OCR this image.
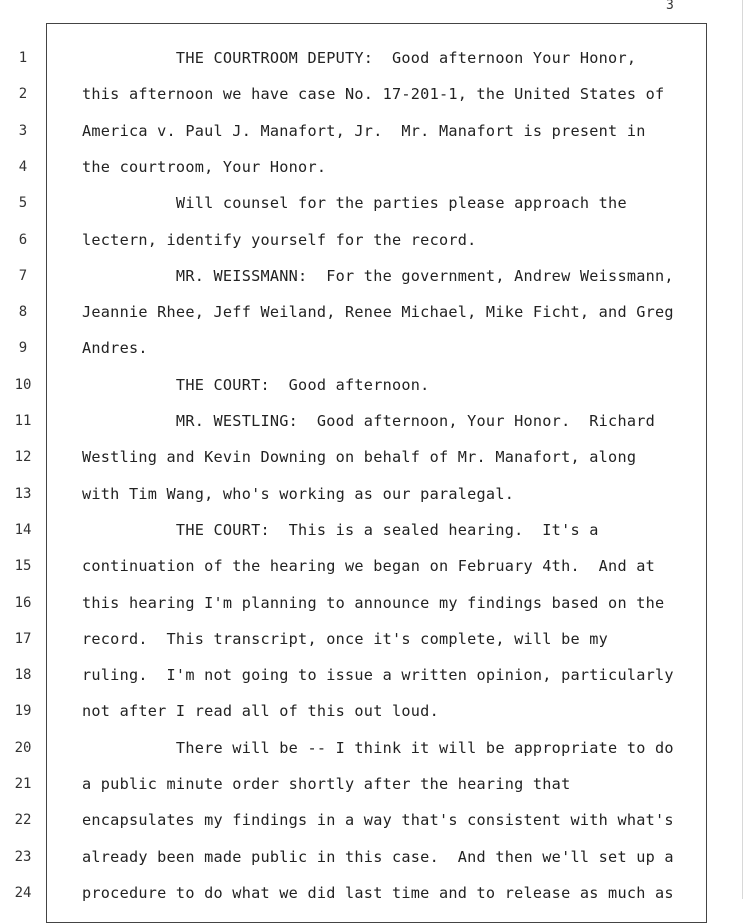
3
1	THE COURTROOM DEPUTY:  Good afternoon Your Honor,
2	this afternoon we have case No. 17-201-1, the United States of
3	America v. Paul J. Manafort, Jr.  Mr. Manafort is present in
4	the courtroom, Your Honor.
5	Will counsel for the parties please approach the
6	lectern, identify yourself for the record.
7	MR. WEISSMANN:  For the government, Andrew Weissmann,
8	Jeannie Rhee, Jeff Weiland, Renee Michael, Mike Ficht, and Greg
9	Andres.
10	THE COURT:  Good afternoon.
11	MR. WESTLING:  Good afternoon, Your Honor.  Richard
12	Westling and Kevin Downing on behalf of Mr. Manafort, along
13	with Tim Wang, who's working as our paralegal.
14	THE COURT:  This is a sealed hearing.  It's a
15	continuation of the hearing we began on February 4th.  And at
16	this hearing I'm planning to announce my findings based on the
17	record.  This transcript, once it's complete, will be my
18	ruling.  I'm not going to issue a written opinion, particularly
19	not after I read all of this out loud.
20	There will be -- I think it will be appropriate to do
21	a public minute order shortly after the hearing that
22	encapsulates my findings in a way that's consistent with what's
23	already been made public in this case.  And then we'll set up a
24	procedure to do what we did last time and to release as much as
